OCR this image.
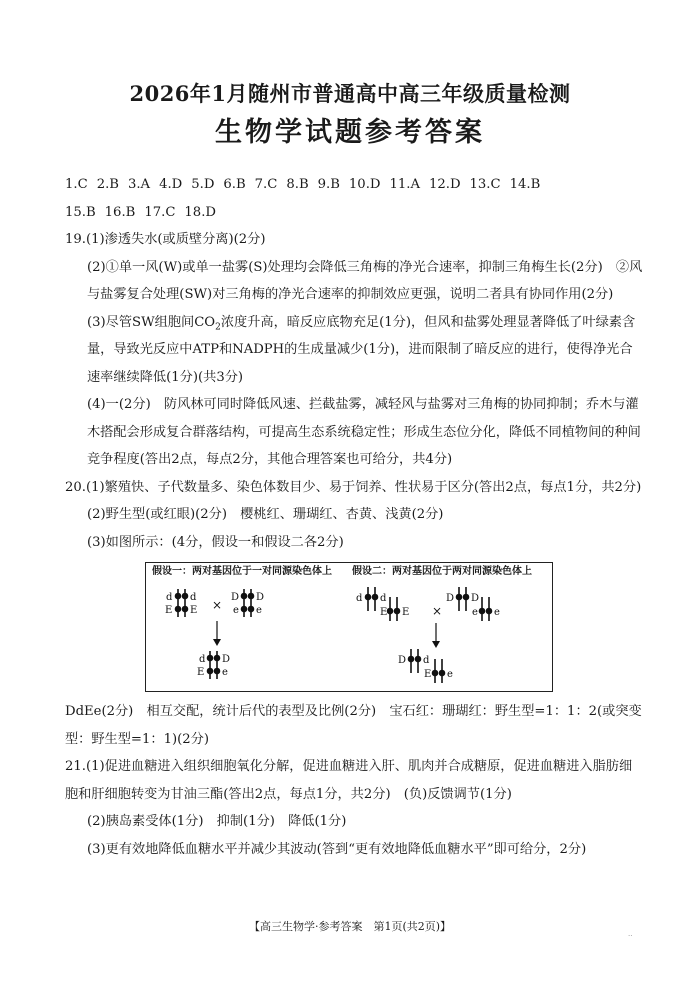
2026年1月随州市普通高中高三年级质量检测
生物学试题参考答案

1.C 2.B 3.A 4.D 5.D 6.B 7.C 8.B 9.B 10.D 11.A 12.D 13.C 14.B

15.B 16.B 17.C 18.D

19.(1)渗透失水(或质壁分离)(2分)

(2)①单一风(W)或单一盐雾(S)处理均会降低三角梅的净光合速率，抑制三角梅生长(2分)　②风与盐雾复合处理(SW)对三角梅的净光合速率的抑制效应更强，说明二者具有协同作用(2分)

(3)尽管SW组胞间$CO_2$浓度升高，暗反应底物充足(1分)，但风和盐雾处理显著降低了叶绿素含量，导致光反应中ATP和NADPH的生成量减少(1分)，进而限制了暗反应的进行，使得净光合速率继续降低(1分)(共3分)

(4)一(2分)　防风林可同时降低风速、拦截盐雾，减轻风与盐雾对三角梅的协同抑制；乔木与灌木搭配会形成复合群落结构，可提高生态系统稳定性；形成生态位分化，降低不同植物间的种间竞争程度(答出2点，每点2分，其他合理答案也可给分，共4分)

20.(1)繁殖快、子代数量多、染色体数目少、易于饲养、性状易于区分(答出2点，每点1分，共2分)

(2)野生型(或红眼)(2分)　樱桃红、珊瑚红、杏黄、浅黄(2分)

(3)如图所示：(4分，假设一和假设二各2分)

假设一：两对基因位于一对同源染色体上 假设二：两对基因位于两对同源染色体上
d d
E E ×
D D
e e
d D
E e
d d
E E ×
D D
e e
D d
E e

DdEe(2分)　相互交配，统计后代的表型及比例(2分)　宝石红：珊瑚红：野生型=1：1：2(或突变型：野生型=1：1)(2分)

21.(1)促进血糖进入组织细胞氧化分解，促进血糖进入肝、肌肉并合成糖原，促进血糖进入脂肪细胞和肝细胞转变为甘油三酯(答出2点，每点1分，共2分)　(负)反馈调节(1分)

(2)胰岛素受体(1分)　抑制(1分)　降低(1分)

(3)更有效地降低血糖水平并减少其波动(答到“更有效地降低血糖水平”即可给分，2分)

【高三生物学·参考答案　第1页(共2页)】
..
